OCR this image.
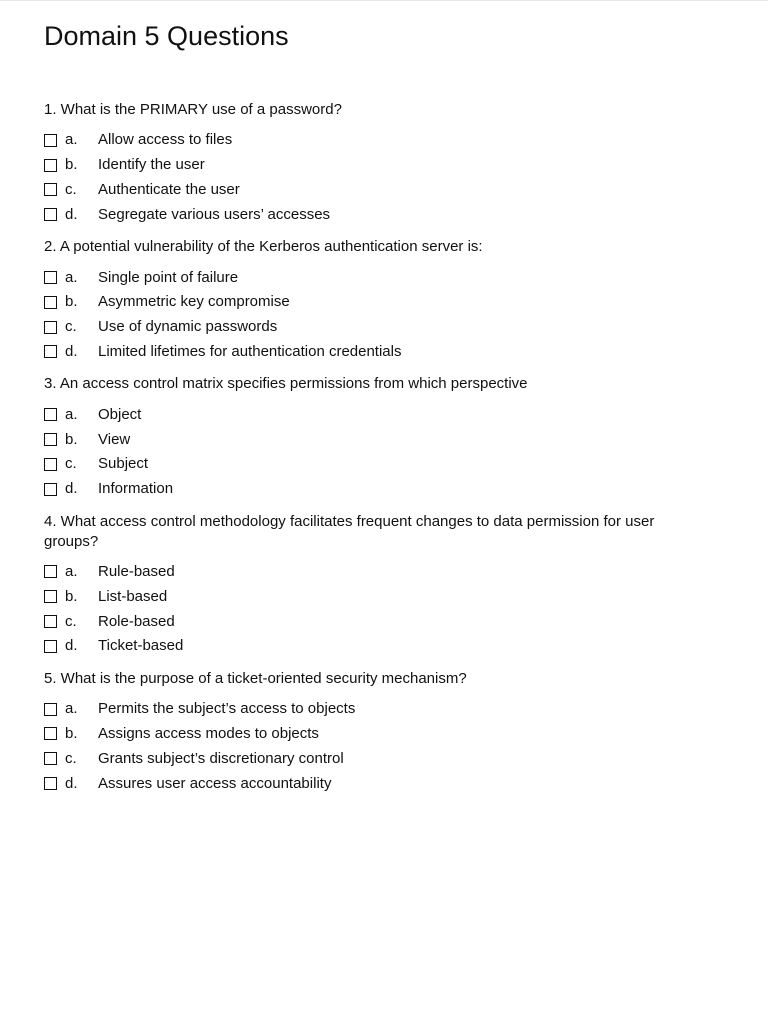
Domain 5 Questions

1. What is the PRIMARY use of a password?

a.	Allow access to files
b.	Identify the user
c.	Authenticate the user
d.	Segregate various users’ accesses

2. A potential vulnerability of the Kerberos authentication server is:

a.	Single point of failure
b.	Asymmetric key compromise
c.	Use of dynamic passwords
d.	Limited lifetimes for authentication credentials

3. An access control matrix specifies permissions from which perspective

a.	Object
b.	View
c.	Subject
d.	Information

4. What access control methodology facilitates frequent changes to data permission for user groups?

a.	Rule-based
b.	List-based
c.	Role-based
d.	Ticket-based

5. What is the purpose of a ticket-oriented security mechanism?

a.	Permits the subject’s access to objects
b.	Assigns access modes to objects
c.	Grants subject’s discretionary control
d.	Assures user access accountability
